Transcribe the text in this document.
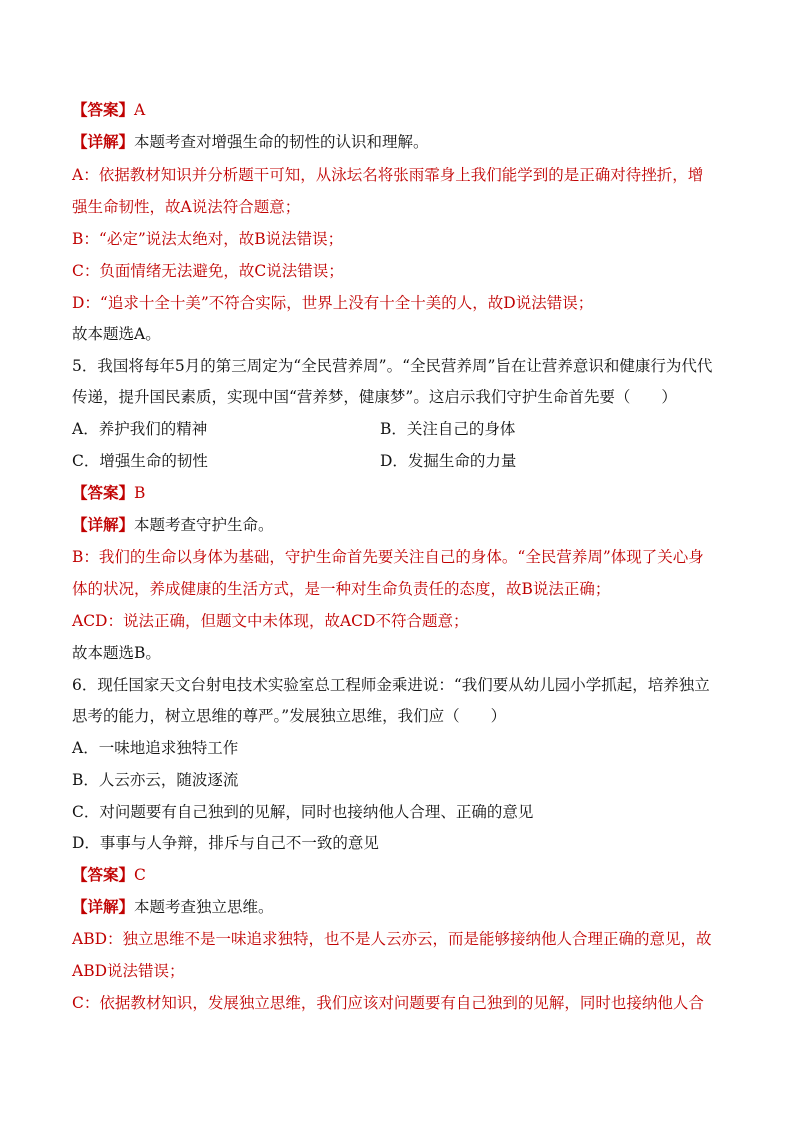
【答案】A
【详解】本题考查对增强生命的韧性的认识和理解。
A：依据教材知识并分析题干可知，从泳坛名将张雨霏身上我们能学到的是正确对待挫折，增
强生命韧性，故A说法符合题意；
B：“必定”说法太绝对，故B说法错误；
C：负面情绪无法避免，故C说法错误；
D：“追求十全十美”不符合实际，世界上没有十全十美的人，故D说法错误；
故本题选A。
5．我国将每年5月的第三周定为“全民营养周”。“全民营养周”旨在让营养意识和健康行为代代
传递，提升国民素质，实现中国“营养梦，健康梦”。这启示我们守护生命首先要（　　）
A．养护我们的精神	B．关注自己的身体
C．增强生命的韧性	D．发掘生命的力量
【答案】B
【详解】本题考查守护生命。
B：我们的生命以身体为基础，守护生命首先要关注自己的身体。“全民营养周”体现了关心身
体的状况，养成健康的生活方式，是一种对生命负责任的态度，故B说法正确；
ACD：说法正确，但题文中未体现，故ACD不符合题意；
故本题选B。
6．现任国家天文台射电技术实验室总工程师金乘进说：“我们要从幼儿园小学抓起，培养独立
思考的能力，树立思维的尊严。”发展独立思维，我们应（　　）
A．一味地追求独特工作
B．人云亦云，随波逐流
C．对问题要有自己独到的见解，同时也接纳他人合理、正确的意见
D．事事与人争辩，排斥与自己不一致的意见
【答案】C
【详解】本题考查独立思维。
ABD：独立思维不是一味追求独特，也不是人云亦云，而是能够接纳他人合理正确的意见，故
ABD说法错误；
C：依据教材知识，发展独立思维，我们应该对问题要有自己独到的见解，同时也接纳他人合
